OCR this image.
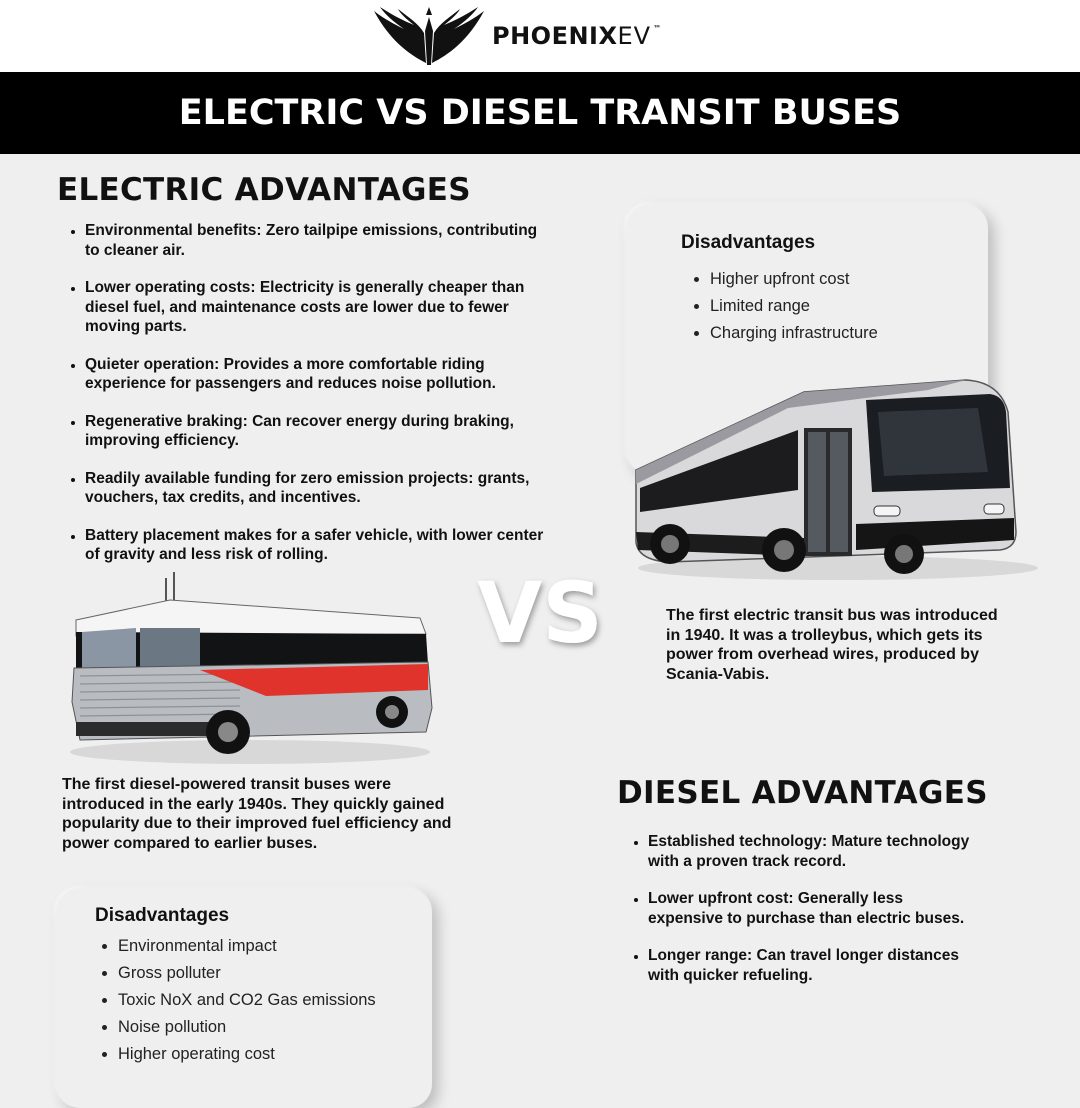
PHOENIX EV ™
ELECTRIC VS DIESEL TRANSIT BUSES
ELECTRIC ADVANTAGES
• Environmental benefits: Zero tailpipe emissions, contributing to cleaner air.
• Lower operating costs: Electricity is generally cheaper than diesel fuel, and maintenance costs are lower due to fewer moving parts.
• Quieter operation: Provides a more comfortable riding experience for passengers and reduces noise pollution.
• Regenerative braking: Can recover energy during braking, improving efficiency.
• Readily available funding for zero emission projects: grants, vouchers, tax credits, and incentives.
• Battery placement makes for a safer vehicle, with lower center of gravity and less risk of rolling.
Disadvantages
• Higher upfront cost
• Limited range
• Charging infrastructure
VS	The first electric transit bus was introduced in 1940. It was a trolleybus, which gets its power from overhead wires, produced by Scania-Vabis.

The first diesel-powered transit buses were introduced in the early 1940s. They quickly gained popularity due to their improved fuel efficiency and power compared to earlier buses.

DIESEL ADVANTAGES
• Established technology: Mature technology with a proven track record.
• Lower upfront cost: Generally less expensive to purchase than electric buses.
• Longer range: Can travel longer distances with quicker refueling.
Disadvantages
• Environmental impact
• Gross polluter
• Toxic NoX and CO2 Gas emissions
• Noise pollution
• Higher operating cost
